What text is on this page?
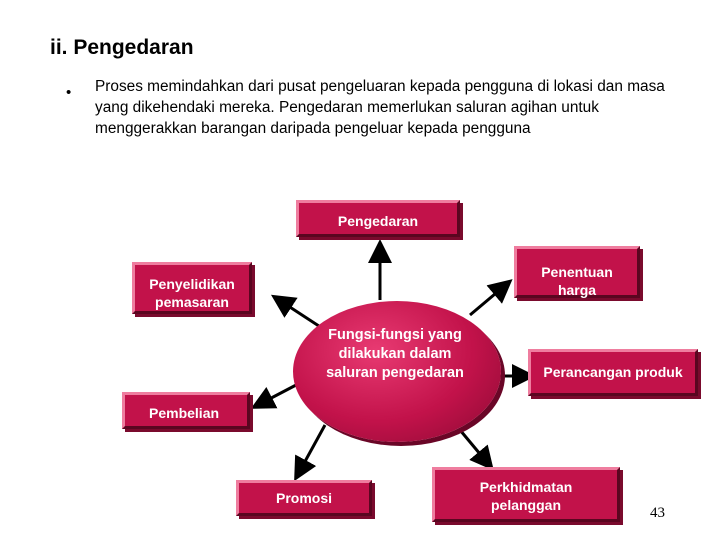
ii. Pengedaran
• Proses memindahkan dari pusat pengeluaran kepada pengguna di lokasi dan masa yang dikehendaki mereka. Pengedaran memerlukan saluran agihan untuk menggerakkan barangan daripada pengeluar kepada pengguna
Pengedaran
Penentuan
harga
Penyelidikan
pemasaran
Perancangan produk
Pembelian
Fungsi-fungsi yang dilakukan dalam saluran pengedaran
Promosi
Perkhidmatan
pelanggan	43
